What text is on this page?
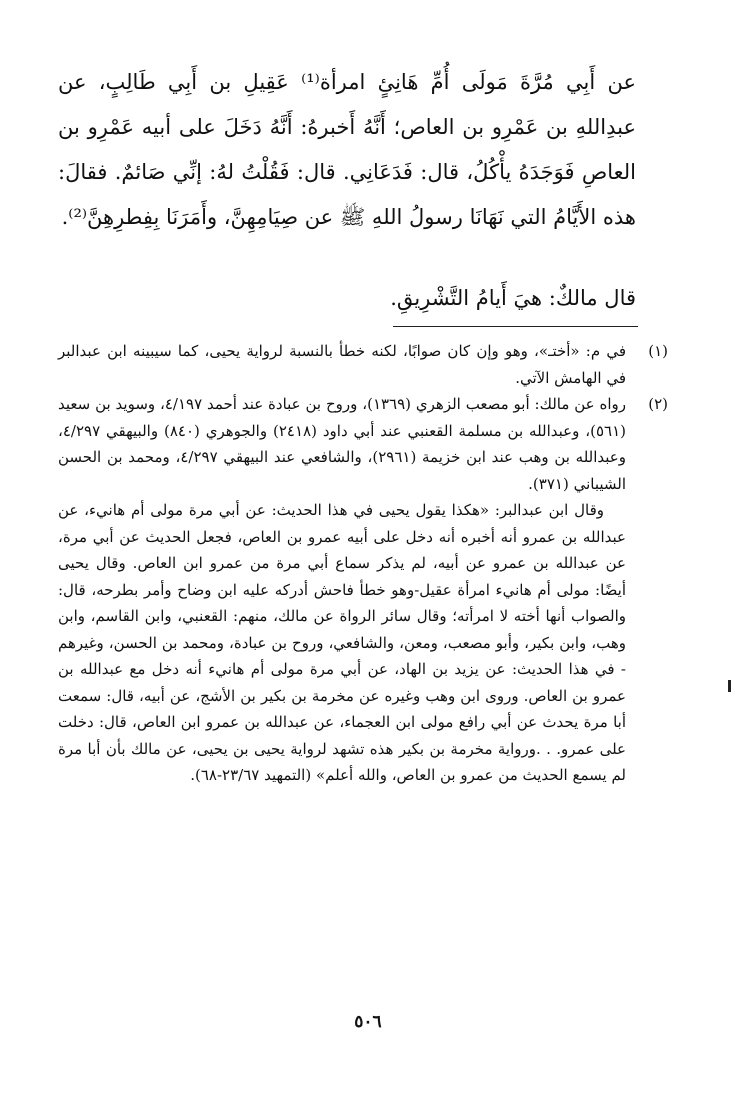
عن أَبِي مُرَّةَ مَولَى أُمِّ هَانِئٍ امرأة⁽¹⁾ عَقِيلِ بن أَبِي طَالِبٍ، عن عبدِاللهِ بن عَمْرِو بن العاص؛ أَنَّهُ أَخبرهُ: أَنَّهُ دَخَلَ على أبيه عَمْرِو بن العاصِ فَوَجَدَهُ يأْكُلُ، قال: فَدَعَانِي. قال: فَقُلْتُ لهُ: إنِّي صَائمٌ. فقالَ: هذه الأَيَّامُ التي نَهَانَا رسولُ اللهِ ﷺ عن صِيَامِهِنَّ، وأَمَرَنَا بِفِطرِهِنَّ⁽²⁾.

قال مالكٌ: هيَ أَيامُ التَّشْرِيقِ.
(١)

في م: «أختـ»، وهو وإن كان صوابًا، لكنه خطأ بالنسبة لرواية يحيى، كما سيبينه ابن عبدالبر في الهامش الآتي.

(٢)

رواه عن مالك: أبو مصعب الزهري (١٣٦٩)، وروح بن عبادة عند أحمد ٤/١٩٧، وسويد بن سعيد (٥٦١)، وعبدالله بن مسلمة القعنبي عند أبي داود (٢٤١٨) والجوهري (٨٤٠) والبيهقي ٤/٢٩٧، وعبدالله بن وهب عند ابن خزيمة (٢٩٦١)، والشافعي عند البيهقي ٤/٢٩٧، ومحمد بن الحسن الشيباني (٣٧١).

وقال ابن عبدالبر: «هكذا يقول يحيى في هذا الحديث: عن أبي مرة مولى أم هانيء، عن عبدالله بن عمرو أنه أخبره أنه دخل على أبيه عمرو بن العاص، فجعل الحديث عن أبي مرة، عن عبدالله بن عمرو عن أبيه، لم يذكر سماع أبي مرة من عمرو ابن العاص. وقال يحيى أيضًا: مولى أم هانيء امرأة عقيل-وهو خطأ فاحش أدركه عليه ابن وضاح وأمر بطرحه، قال: والصواب أنها أخته لا امرأته؛ وقال سائر الرواة عن مالك، منهم: القعنبي، وابن القاسم، وابن وهب، وابن بكير، وأبو مصعب، ومعن، والشافعي، وروح بن عبادة، ومحمد بن الحسن، وغيرهم - في هذا الحديث: عن يزيد بن الهاد، عن أبي مرة مولى أم هانيء أنه دخل مع عبدالله بن عمرو بن العاص. وروى ابن وهب وغيره عن مخرمة بن بكير بن الأشج، عن أبيه، قال: سمعت أبا مرة يحدث عن أبي رافع مولى ابن العجماء، عن عبدالله بن عمرو ابن العاص، قال: دخلت على عمرو. . .ورواية مخرمة بن بكير هذه تشهد لرواية يحيى بن يحيى، عن مالك بأن أبا مرة لم يسمع الحديث من عمرو بن العاص، والله أعلم» (التمهيد ٢٣/٦٧-٦٨).

٥٠٦
